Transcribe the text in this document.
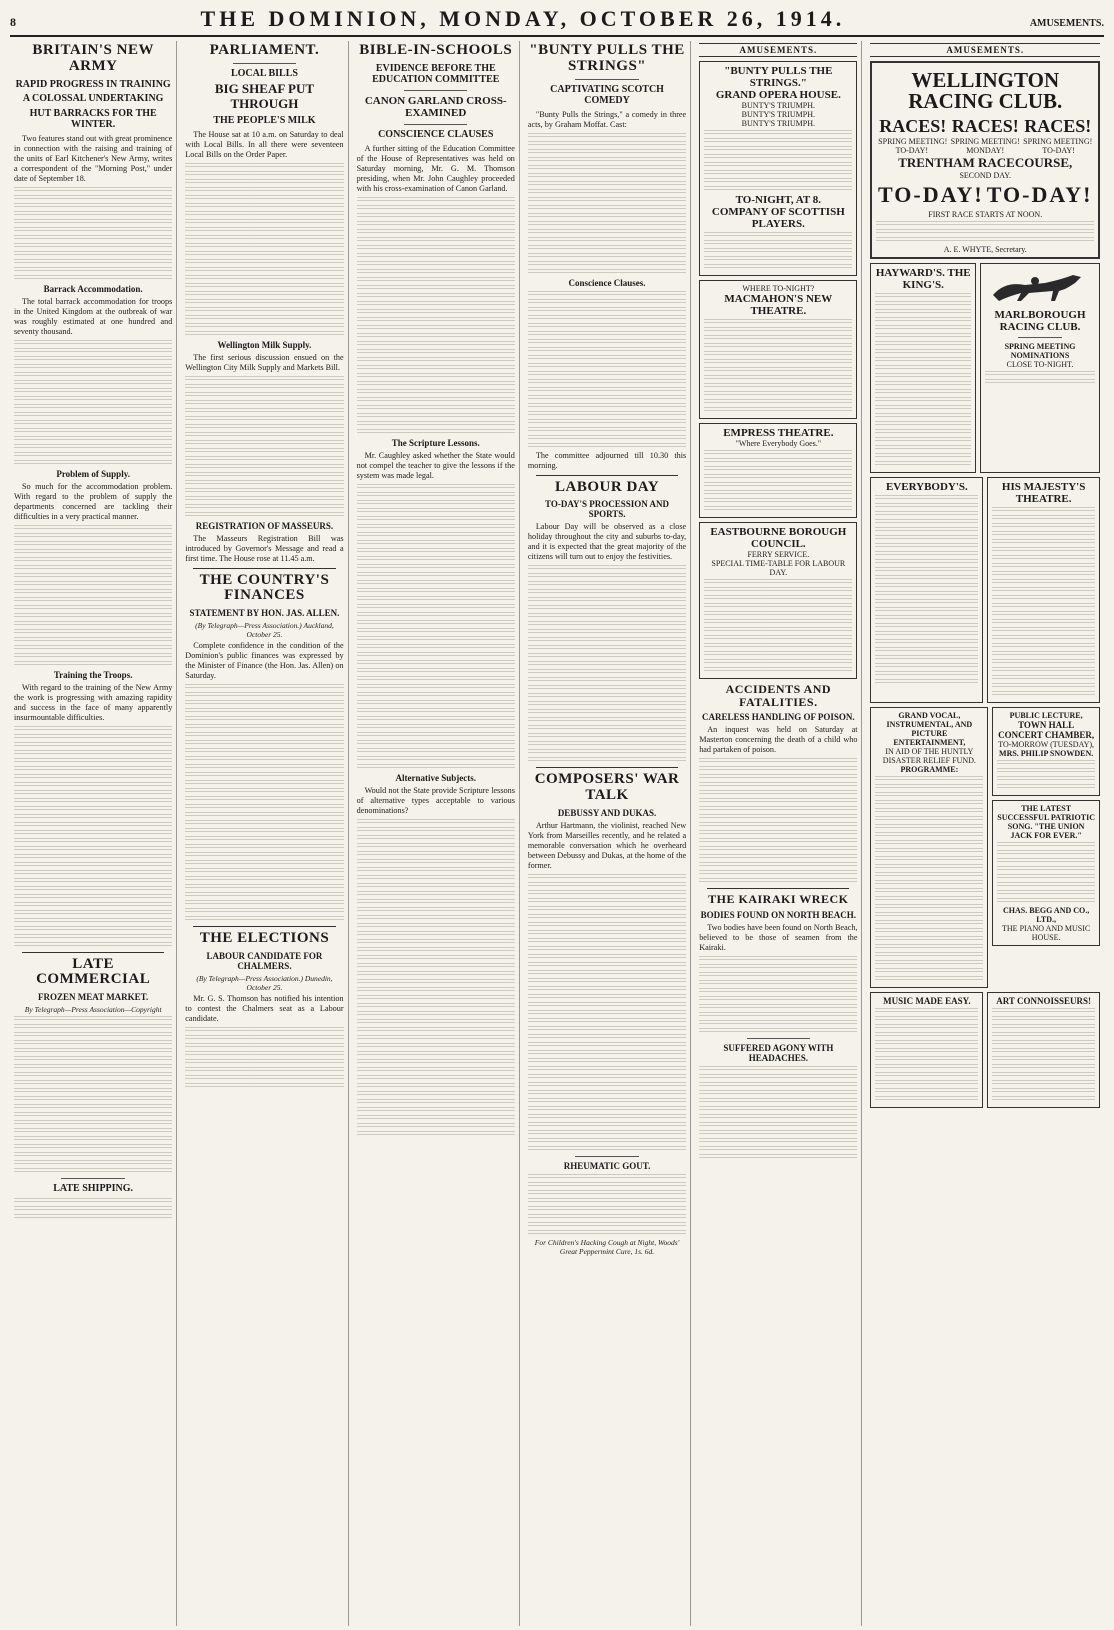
8	THE DOMINION, MONDAY, OCTOBER 26, 1914.	AMUSEMENTS.
BRITAIN'S NEW ARMY
RAPID PROGRESS IN TRAINING
A COLOSSAL UNDERTAKING
HUT BARRACKS FOR THE WINTER.

Two features stand out with great prominence in connection with the raising and training of the units of Earl Kitchener's New Army, writes a correspondent of the "Morning Post," under date of September 18.

Barrack Accommodation.

The total barrack accommodation for troops in the United Kingdom at the outbreak of war was roughly estimated at one hundred and seventy thousand.

Problem of Supply.

So much for the accommodation problem. With regard to the problem of supply the departments concerned are tackling their difficulties in a very practical manner.

Training the Troops.

With regard to the training of the New Army the work is progressing with amazing rapidity and success in the face of many apparently insurmountable difficulties.

LATE COMMERCIAL
FROZEN MEAT MARKET.

By Telegraph—Press Association—Copyright

LATE SHIPPING.
PARLIAMENT.
LOCAL BILLS
BIG SHEAF PUT THROUGH
THE PEOPLE'S MILK

The House sat at 10 a.m. on Saturday to deal with Local Bills. In all there were seventeen Local Bills on the Order Paper.

Wellington Milk Supply.

The first serious discussion ensued on the Wellington City Milk Supply and Markets Bill.

REGISTRATION OF MASSEURS.

The Masseurs Registration Bill was introduced by Governor's Message and read a first time. The House rose at 11.45 a.m.

THE COUNTRY'S FINANCES
STATEMENT BY HON. JAS. ALLEN.

(By Telegraph—Press Association.) Auckland, October 25.

Complete confidence in the condition of the Dominion's public finances was expressed by the Minister of Finance (the Hon. Jas. Allen) on Saturday.

THE ELECTIONS
LABOUR CANDIDATE FOR CHALMERS.

(By Telegraph—Press Association.) Dunedin, October 25.

Mr. G. S. Thomson has notified his intention to contest the Chalmers seat as a Labour candidate.

BIBLE-IN-SCHOOLS
EVIDENCE BEFORE THE EDUCATION COMMITTEE
CANON GARLAND CROSS-EXAMINED
CONSCIENCE CLAUSES

A further sitting of the Education Committee of the House of Representatives was held on Saturday morning, Mr. G. M. Thomson presiding, when Mr. John Caughley proceeded with his cross-examination of Canon Garland.

The Scripture Lessons.

Mr. Caughley asked whether the State would not compel the teacher to give the lessons if the system was made legal.

Alternative Subjects.

Would not the State provide Scripture lessons of alternative types acceptable to various denominations?

"BUNTY PULLS THE STRINGS"
CAPTIVATING SCOTCH COMEDY

"Bunty Pulls the Strings," a comedy in three acts, by Graham Moffat. Cast:

Conscience Clauses.

The committee adjourned till 10.30 this morning.

LABOUR DAY
TO-DAY'S PROCESSION AND SPORTS.

Labour Day will be observed as a close holiday throughout the city and suburbs to-day, and it is expected that the great majority of the citizens will turn out to enjoy the festivities.

COMPOSERS' WAR TALK
DEBUSSY AND DUKAS.

Arthur Hartmann, the violinist, reached New York from Marseilles recently, and he related a memorable conversation which he overheard between Debussy and Dukas, at the home of the former.

RHEUMATIC GOUT.

For Children's Hacking Cough at Night, Woods' Great Peppermint Cure, 1s. 6d.

AMUSEMENTS.
"BUNTY PULLS THE STRINGS."
GRAND OPERA HOUSE.
BUNTY'S TRIUMPH.
BUNTY'S TRIUMPH.
BUNTY'S TRIUMPH.
TO-NIGHT, AT 8.
COMPANY OF SCOTTISH PLAYERS.
WHERE TO-NIGHT?
MACMAHON'S NEW THEATRE.
EMPRESS THEATRE.
"Where Everybody Goes."
EASTBOURNE BOROUGH COUNCIL.
FERRY SERVICE.
SPECIAL TIME-TABLE FOR LABOUR DAY.
ACCIDENTS AND FATALITIES.
CARELESS HANDLING OF POISON.

An inquest was held on Saturday at Masterton concerning the death of a child who had partaken of poison.

THE KAIRAKI WRECK
BODIES FOUND ON NORTH BEACH.

Two bodies have been found on North Beach, believed to be those of seamen from the Kairaki.

SUFFERED AGONY WITH HEADACHES.
AMUSEMENTS.
WELLINGTON RACING CLUB.
RACES! RACES! RACES!
SPRING MEETING! SPRING MEETING! SPRING MEETING!
TO-DAY!	MONDAY!	TO-DAY!
TRENTHAM RACECOURSE,
SECOND DAY.
TO-DAY! TO-DAY!
FIRST RACE STARTS AT NOON.
A. E. WHYTE, Secretary.
HAYWARD'S. THE KING'S.
MARLBOROUGH RACING CLUB.
SPRING MEETING NOMINATIONS
CLOSE TO-NIGHT.
EVERYBODY'S.	HIS MAJESTY'S THEATRE.
GRAND VOCAL, INSTRUMENTAL, AND PICTURE ENTERTAINMENT,
IN AID OF THE HUNTLY DISASTER RELIEF FUND.
PROGRAMME:
PUBLIC LECTURE,
TOWN HALL CONCERT CHAMBER,
TO-MORROW (TUESDAY),
MRS. PHILIP SNOWDEN.
THE LATEST SUCCESSFUL PATRIOTIC SONG. "THE UNION JACK FOR EVER."
CHAS. BEGG AND CO., LTD.,
THE PIANO AND MUSIC HOUSE.
MUSIC MADE EASY.	ART CONNOISSEURS!
